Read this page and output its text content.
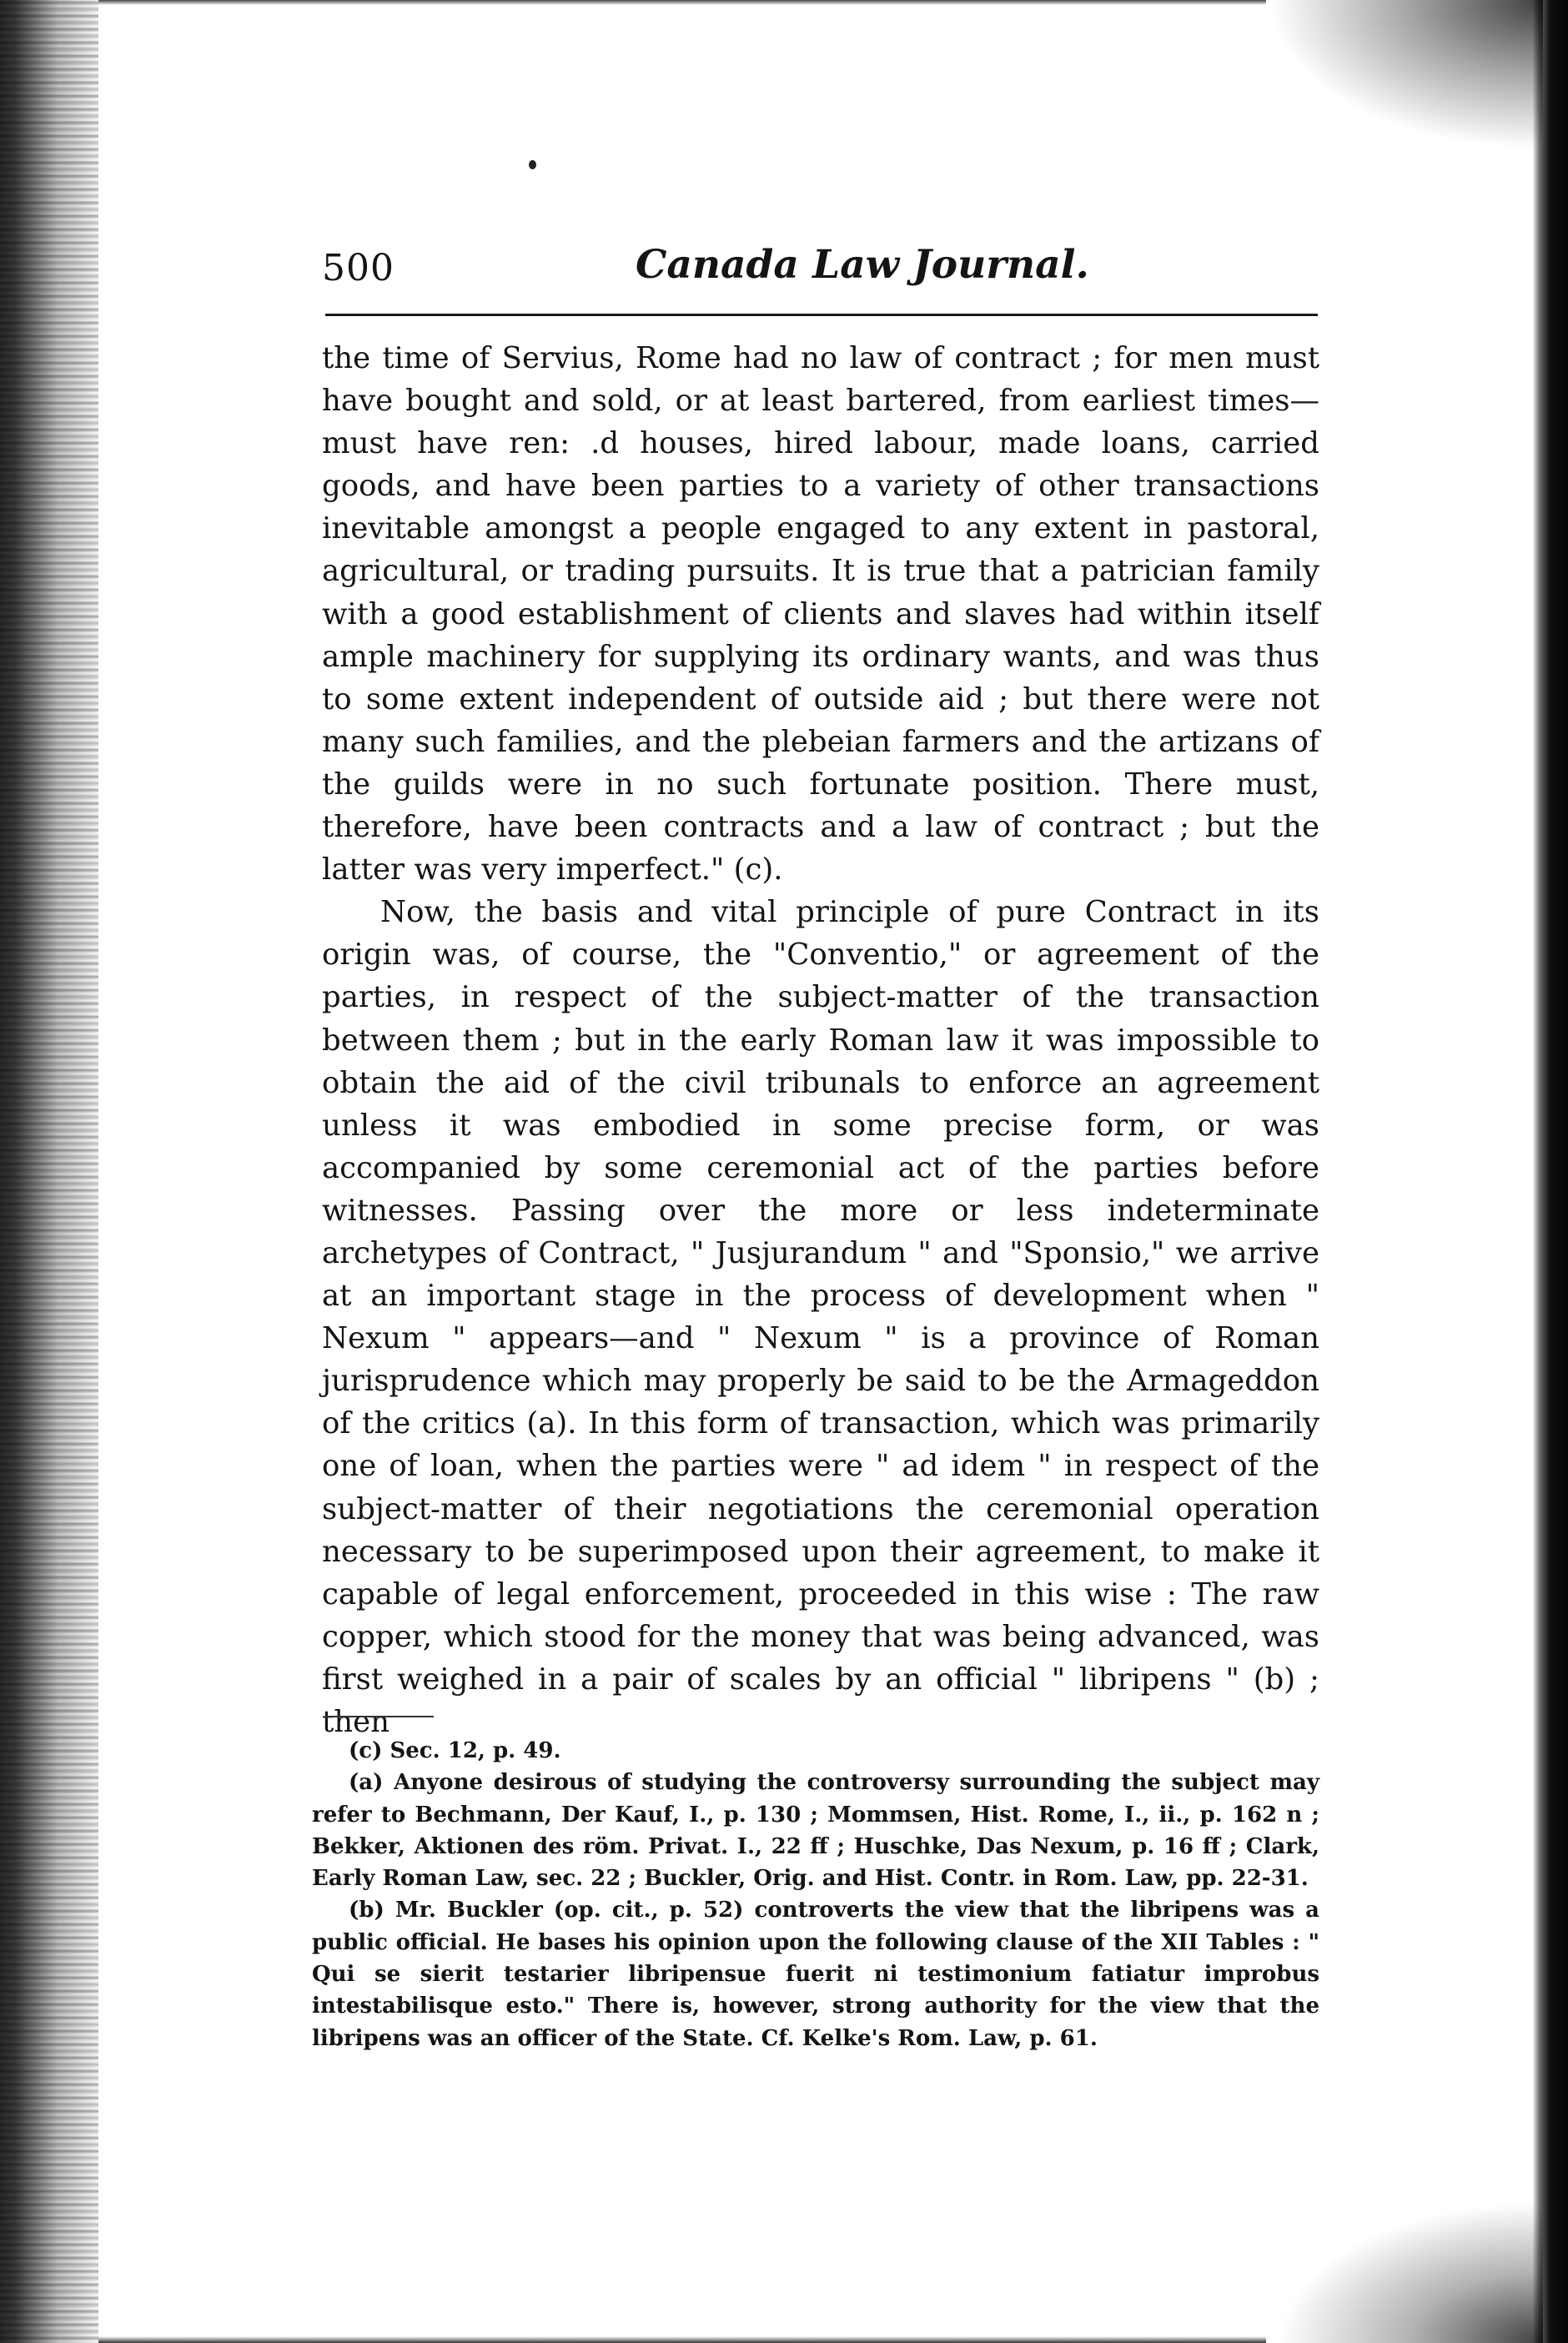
500	Canada Law Journal.

the time of Servius, Rome had no law of contract ; for men must have bought and sold, or at least bartered, from earliest times— must have ren: .d houses, hired labour, made loans, carried goods, and have been parties to a variety of other transactions inevitable amongst a people engaged to any extent in pastoral, agricultural, or trading pursuits. It is true that a patrician family with a good establishment of clients and slaves had within itself ample machinery for supplying its ordinary wants, and was thus to some extent independent of outside aid ; but there were not many such families, and the plebeian farmers and the artizans of the guilds were in no such fortunate position. There must, therefore, have been contracts and a law of contract ; but the latter was very imperfect." (c).

Now, the basis and vital principle of pure Contract in its origin was, of course, the "Conventio," or agreement of the parties, in respect of the subject-matter of the transaction between them ; but in the early Roman law it was impossible to obtain the aid of the civil tribunals to enforce an agreement unless it was embodied in some precise form, or was accompanied by some ceremonial act of the parties before witnesses. Passing over the more or less indeterminate archetypes of Contract, " Jusjurandum " and "Sponsio," we arrive at an important stage in the process of development when " Nexum " appears—and " Nexum " is a province of Roman jurisprudence which may properly be said to be the Armageddon of the critics (a). In this form of transaction, which was primarily one of loan, when the parties were " ad idem " in respect of the subject-matter of their negotiations the ceremonial operation necessary to be superimposed upon their agreement, to make it capable of legal enforcement, proceeded in this wise : The raw copper, which stood for the money that was being advanced, was first weighed in a pair of scales by an official " libripens " (b) ; then

(c) Sec. 12, p. 49.

(a) Anyone desirous of studying the controversy surrounding the subject may refer to Bechmann, Der Kauf, I., p. 130 ; Mommsen, Hist. Rome, I., ii., p. 162 n ; Bekker, Aktionen des röm. Privat. I., 22 ff ; Huschke, Das Nexum, p. 16 ff ; Clark, Early Roman Law, sec. 22 ; Buckler, Orig. and Hist. Contr. in Rom. Law, pp. 22-31.

(b) Mr. Buckler (op. cit., p. 52) controverts the view that the libripens was a public official. He bases his opinion upon the following clause of the XII Tables : " Qui se sierit testarier libripensue fuerit ni testimonium fatiatur improbus intestabilisque esto." There is, however, strong authority for the view that the libripens was an officer of the State. Cf. Kelke's Rom. Law, p. 61.
